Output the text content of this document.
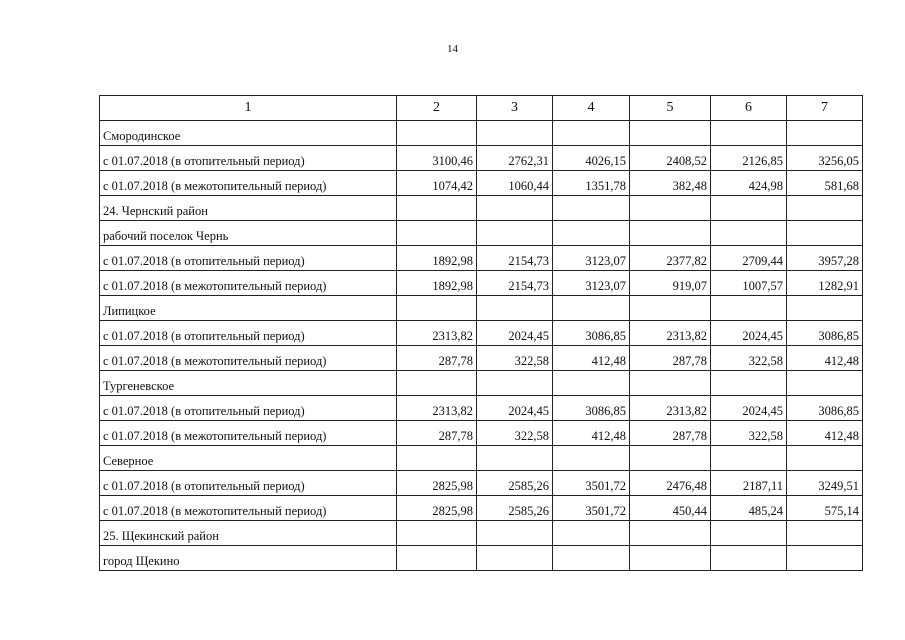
14
1	2	3	4	5	6	7
Смородинское						
с 01.07.2018 (в отопительный период)	3100,46	2762,31	4026,15	2408,52	2126,85	3256,05
с 01.07.2018 (в межотопительный период)	1074,42	1060,44	1351,78	382,48	424,98	581,68
24. Чернский район						
рабочий поселок Чернь						
с 01.07.2018 (в отопительный период)	1892,98	2154,73	3123,07	2377,82	2709,44	3957,28
с 01.07.2018 (в межотопительный период)	1892,98	2154,73	3123,07	919,07	1007,57	1282,91
Липицкое						
с 01.07.2018 (в отопительный период)	2313,82	2024,45	3086,85	2313,82	2024,45	3086,85
с 01.07.2018 (в межотопительный период)	287,78	322,58	412,48	287,78	322,58	412,48
Тургеневское						
с 01.07.2018 (в отопительный период)	2313,82	2024,45	3086,85	2313,82	2024,45	3086,85
с 01.07.2018 (в межотопительный период)	287,78	322,58	412,48	287,78	322,58	412,48
Северное						
с 01.07.2018 (в отопительный период)	2825,98	2585,26	3501,72	2476,48	2187,11	3249,51
с 01.07.2018 (в межотопительный период)	2825,98	2585,26	3501,72	450,44	485,24	575,14
25. Щекинский район						
город Щекино						
